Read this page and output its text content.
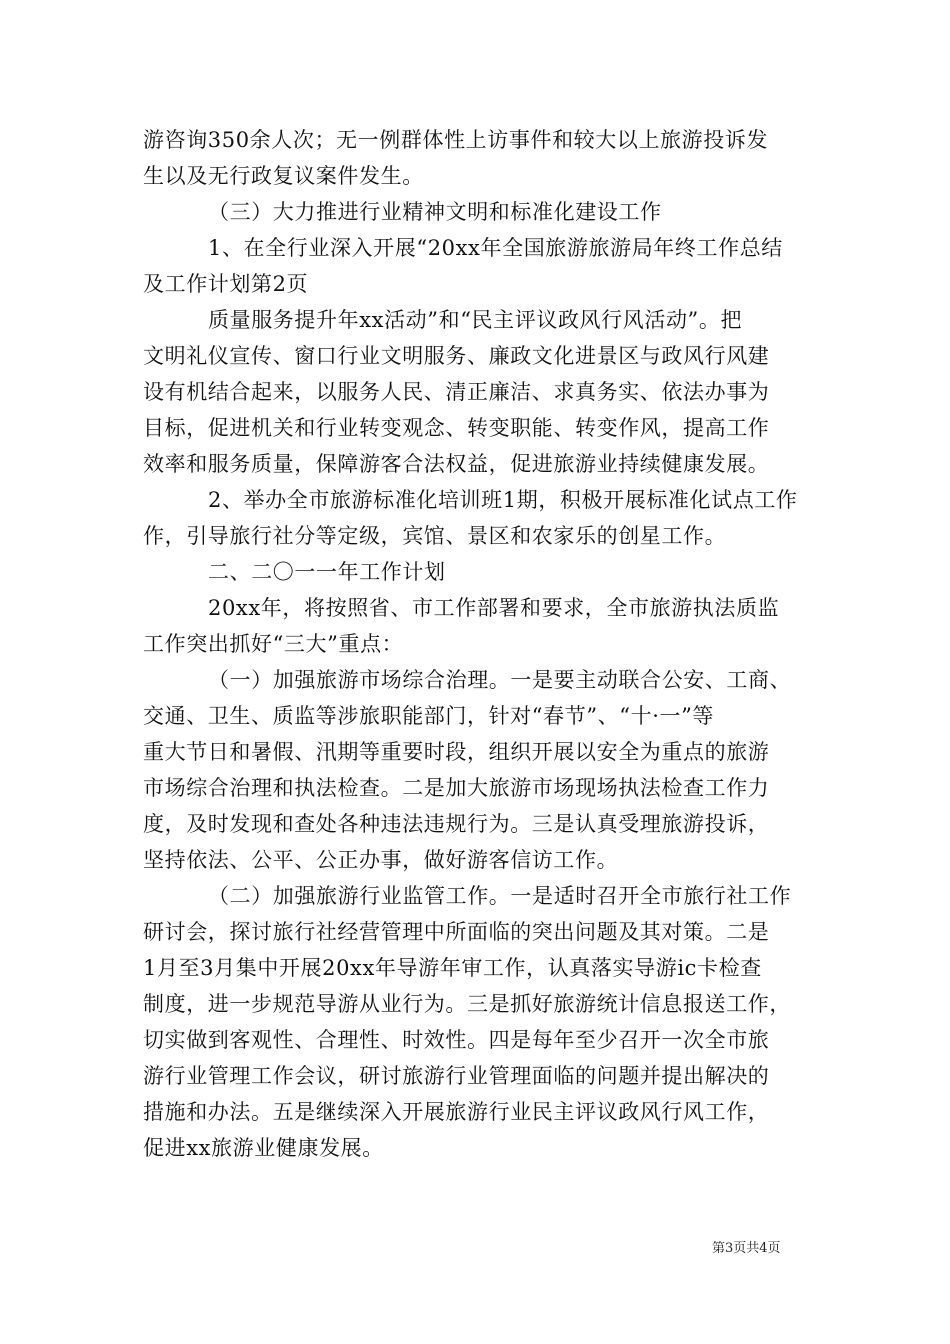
游咨询350余人次；无一例群体性上访事件和较大以上旅游投诉发
生以及无行政复议案件发生。
（三）大力推进行业精神文明和标准化建设工作
1、在全行业深入开展“20xx年全国旅游旅游局年终工作总结
及工作计划第2页
质量服务提升年xx活动”和“民主评议政风行风活动”。把
文明礼仪宣传、窗口行业文明服务、廉政文化进景区与政风行风建
设有机结合起来，以服务人民、清正廉洁、求真务实、依法办事为
目标，促进机关和行业转变观念、转变职能、转变作风，提高工作
效率和服务质量，保障游客合法权益，促进旅游业持续健康发展。
2、举办全市旅游标准化培训班1期，积极开展标准化试点工作
作，引导旅行社分等定级，宾馆、景区和农家乐的创星工作。
二、二〇一一年工作计划
20xx年，将按照省、市工作部署和要求，全市旅游执法质监
工作突出抓好“三大”重点：
（一）加强旅游市场综合治理。一是要主动联合公安、工商、
交通、卫生、质监等涉旅职能部门，针对“春节”、“十·一”等
重大节日和暑假、汛期等重要时段，组织开展以安全为重点的旅游
市场综合治理和执法检查。二是加大旅游市场现场执法检查工作力
度，及时发现和查处各种违法违规行为。三是认真受理旅游投诉，
坚持依法、公平、公正办事，做好游客信访工作。
（二）加强旅游行业监管工作。一是适时召开全市旅行社工作
研讨会，探讨旅行社经营管理中所面临的突出问题及其对策。二是
1月至3月集中开展20xx年导游年审工作，认真落实导游ic卡检查
制度，进一步规范导游从业行为。三是抓好旅游统计信息报送工作，
切实做到客观性、合理性、时效性。四是每年至少召开一次全市旅
游行业管理工作会议，研讨旅游行业管理面临的问题并提出解决的
措施和办法。五是继续深入开展旅游行业民主评议政风行风工作，
促进xx旅游业健康发展。
第3页共4页
